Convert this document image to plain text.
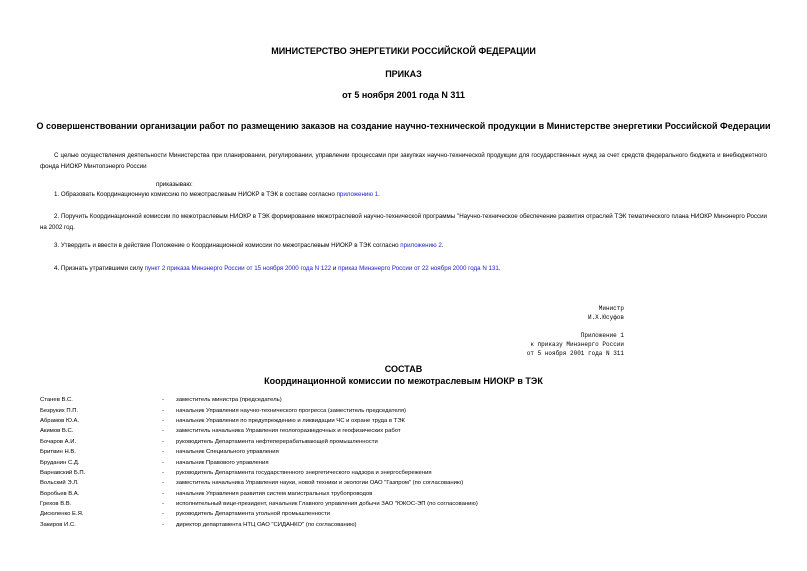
МИНИСТЕРСТВО ЭНЕРГЕТИКИ РОССИЙСКОЙ ФЕДЕРАЦИИ
ПРИКАЗ
от 5 ноября 2001 года N 311
О совершенствовании организации работ по размещению заказов на создание научно-технической продукции в Министерстве энергетики Российской Федерации
С целью осуществления деятельности Министерства при планировании, регулировании, управлении процессами при закупках научно-технической продукции для государственных нужд за счет средств федерального бюджета и внебюджетного фонда НИОКР Минтопэнерго России
приказываю:
1. Образовать Координационную комиссию по межотраслевым НИОКР в ТЭК в составе согласно приложению 1.
2. Поручить Координационной комиссии по межотраслевым НИОКР в ТЭК формирование межотраслевой научно-технической программы "Научно-техническое обеспечение развития отраслей ТЭК тематического плана НИОКР Минэнерго России на 2002 год.
3. Утвердить и ввести в действие Положение о Координационной комиссии по межотраслевым НИОКР в ТЭК согласно приложению 2.
4. Признать утратившими силу пункт 2 приказа Минэнерго России от 15 ноября 2000 года N 122 и приказ Минэнерго России от 22 ноября 2000 года N 131.
Министр
И.Х.Юсуфов
Приложение 1
к приказу Минэнерго России
от 5 ноября 2001 года N 311
СОСТАВ
Координационной комиссии по межотраслевым НИОКР в ТЭК
Станев В.С.	-	заместитель министра (председатель)
Безруких П.П.	-	начальник Управления научно-технического прогресса (заместитель председателя)
Абрамов Ю.А.	-	начальник Управления по предупреждению и ликвидации ЧС и охране труда в ТЭК
Акимов В.С.	-	заместитель начальника Управления геологоразведочных и геофизических работ
Бочаров А.И.	-	руководитель Департамента нефтеперерабатывающей промышленности
Бритвин Н.В.	-	начальник Специального управления
Бруданин С.Д.	-	начальник Правового управления
Варнавский Б.П.	-	руководитель Департамента государственного энергетического надзора и энергосбережения
Вольский Э.Л.	-	заместитель начальника Управления науки, новой техники и экологии ОАО "Газпром" (по согласованию)
Воробьев В.А.	-	начальник Управления развития систем магистральных трубопроводов
Грехов В.В.	-	исполнительный вице-президент, начальник Главного управления добычи ЗАО "ЮКОС-ЭП (по согласованию)
Дисюленко Е.Я.	-	руководитель Департамента угольной промышленности
Закиров И.С.	-	директор департамента НТЦ ОАО "СИДАНКО" (по согласованию)
